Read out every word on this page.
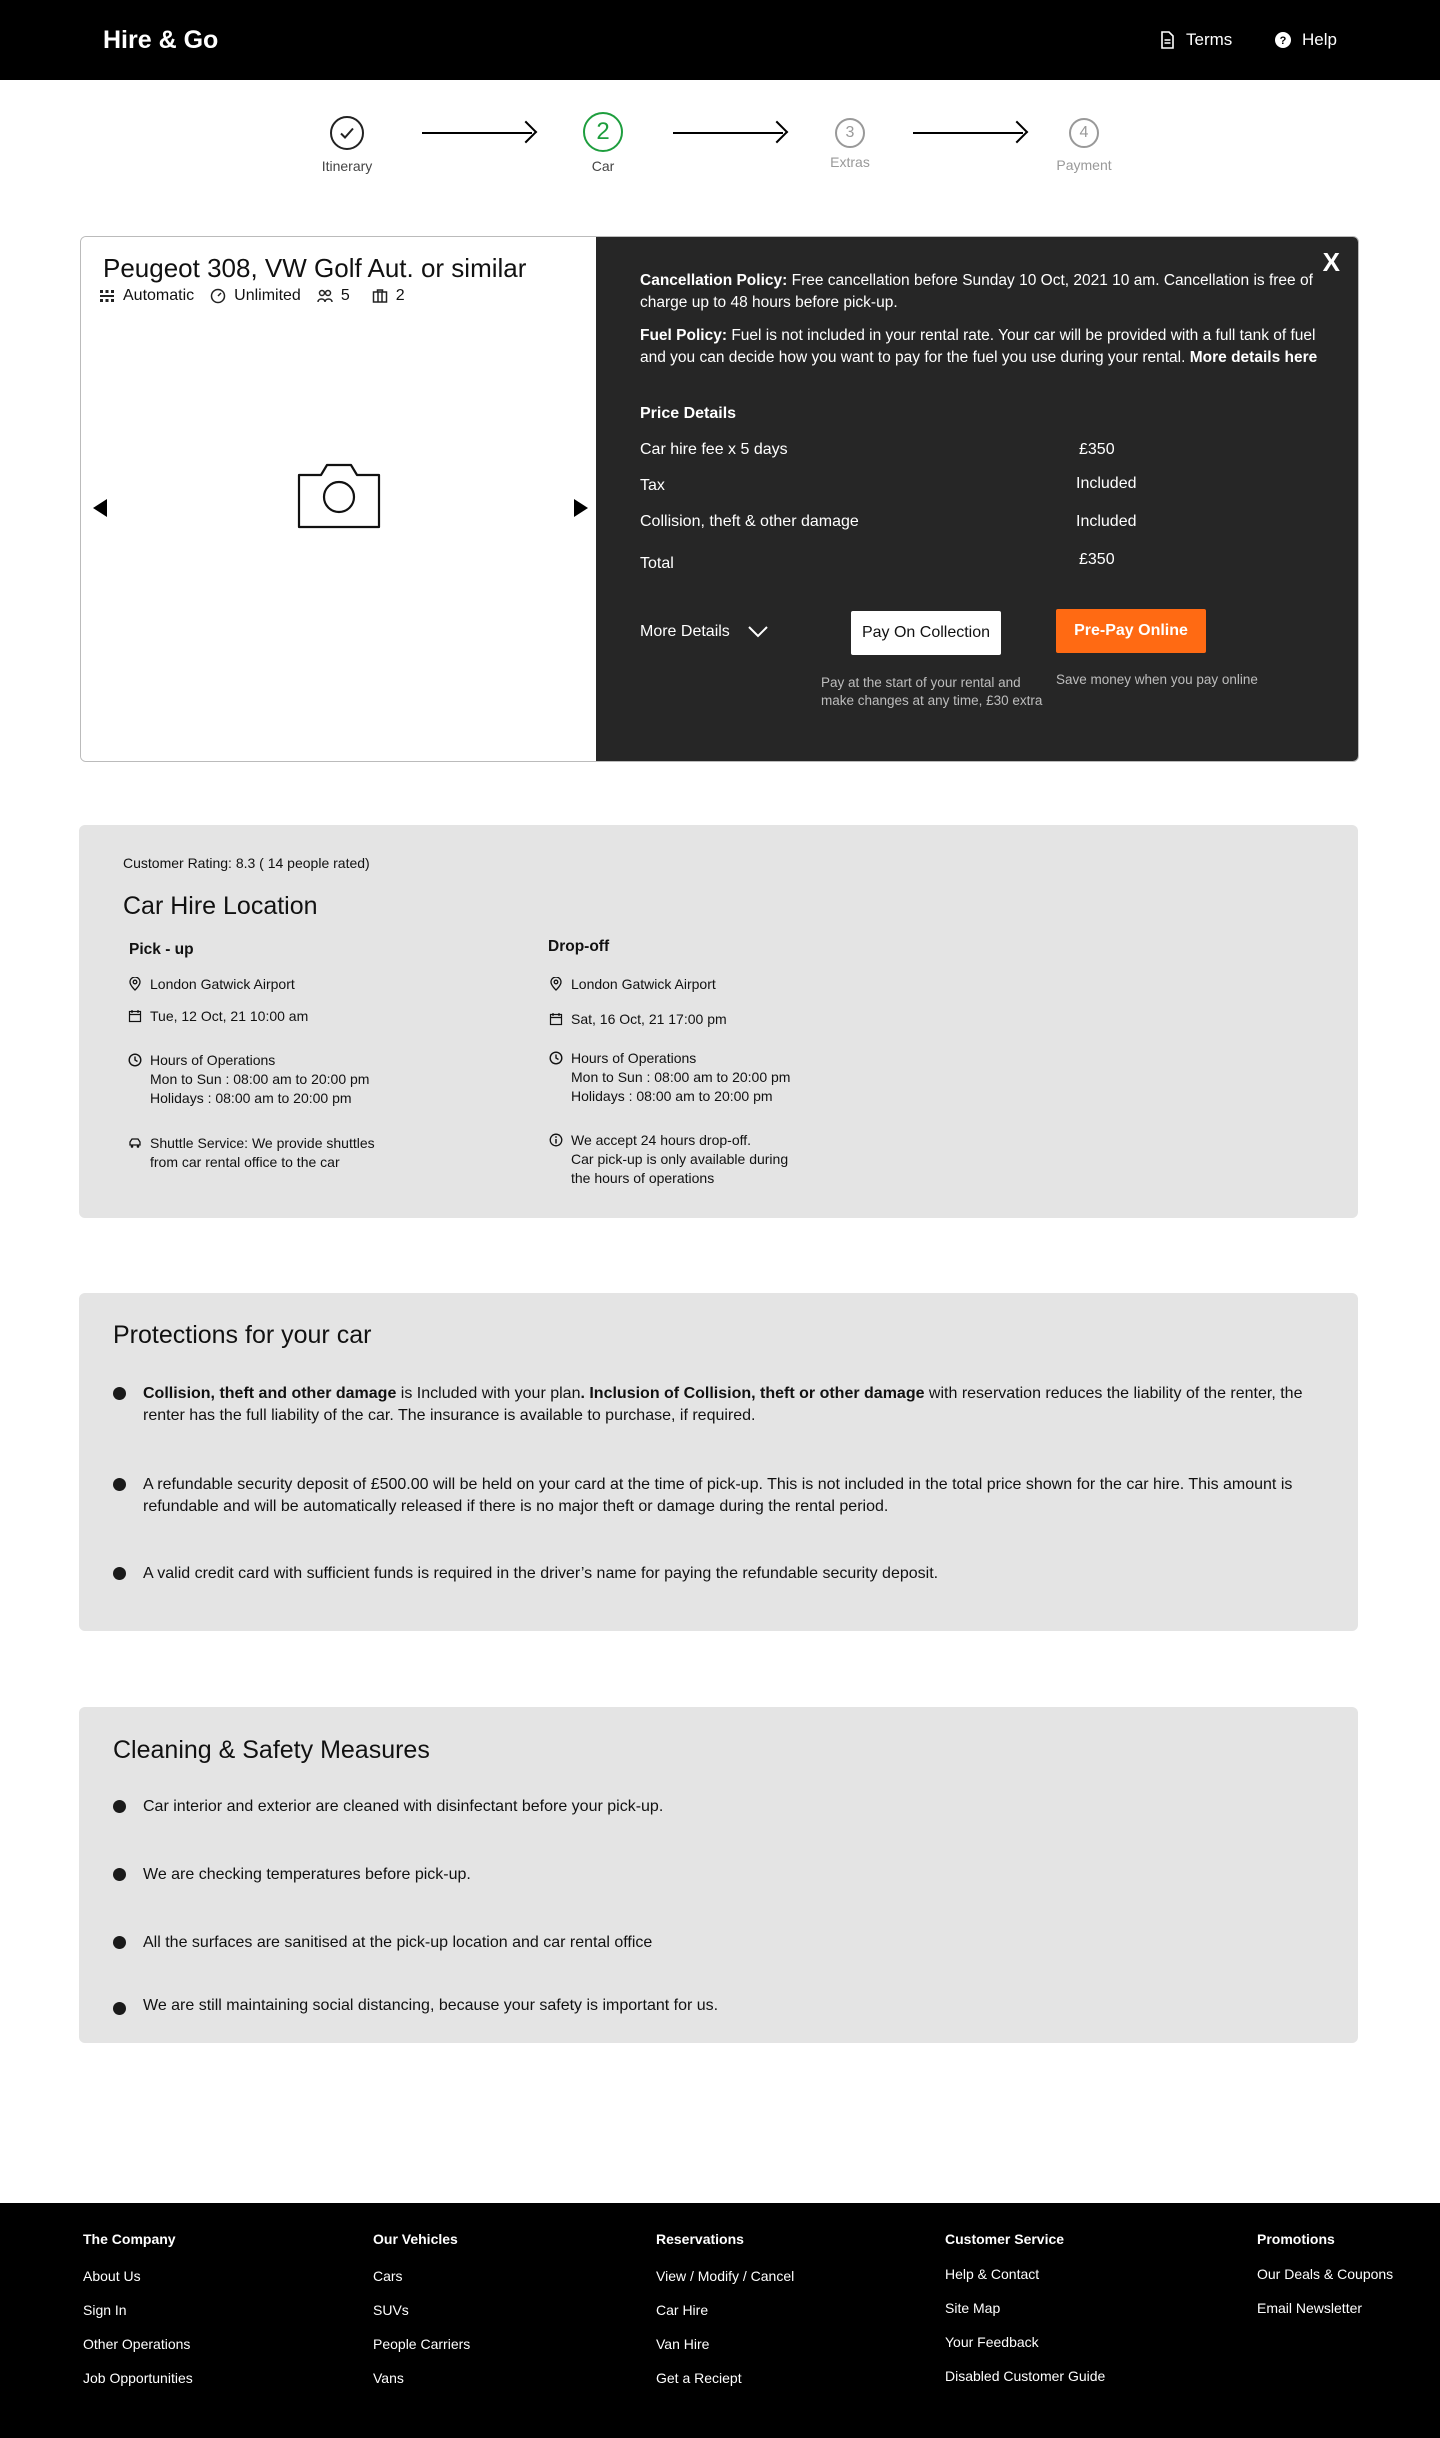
Hire & Go	Terms	? Help
Itinerary
2
Car
3
Extras
4
Payment
Peugeot 308, VW Golf Aut. or similar
Automatic	Unlimited	5	2
X
Cancellation Policy: Free cancellation before Sunday 10 Oct, 2021 10 am. Cancellation is free of charge up to 48 hours before pick-up.
Fuel Policy: Fuel is not included in your rental rate. Your car will be provided with a full tank of fuel and you can decide how you want to pay for the fuel you use during your rental. More details here
Price Details
Car hire fee x 5 days	£350
Tax	Included
Collision, theft & other damage	Included
Total	£350
More Details	Pay On Collection
Pay at the start of your rental and make changes at any time, £30 extra
Pre-Pay Online
Save money when you pay online
Customer Rating: 8.3 ( 14 people rated)
Car Hire Location
Pick - up
London Gatwick Airport
Tue, 12 Oct, 21 10:00 am
Hours of Operations
Mon to Sun : 08:00 am to 20:00 pm
Holidays : 08:00 am to 20:00 pm
Shuttle Service: We provide shuttles
from car rental office to the car
Drop-off
London Gatwick Airport
Sat, 16 Oct, 21 17:00 pm
Hours of Operations
Mon to Sun : 08:00 am to 20:00 pm
Holidays : 08:00 am to 20:00 pm
We accept 24 hours drop-off.
Car pick-up is only available during
the hours of operations
Protections for your car
Collision, theft and other damage is Included with your plan. Inclusion of Collision, theft or other damage with reservation reduces the liability of the renter, the renter has the full liability of the car. The insurance is available to purchase, if required.
A refundable security deposit of £500.00 will be held on your card at the time of pick-up. This is not included in the total price shown for the car hire. This amount is refundable and will be automatically released if there is no major theft or damage during the rental period.
A valid credit card with sufficient funds is required in the driver’s name for paying the refundable security deposit.
Cleaning & Safety Measures
Car interior and exterior are cleaned with disinfectant before your pick-up.
We are checking temperatures before pick-up.
All the surfaces are sanitised at the pick-up location and car rental office
We are still maintaining social distancing, because your safety is important for us.
The Company
About Us
Sign In
Other Operations
Job Opportunities
Our Vehicles
Cars
SUVs
People Carriers
Vans
Reservations
View / Modify / Cancel
Car Hire
Van Hire
Get a Reciept
Customer Service
Help & Contact
Site Map
Your Feedback
Disabled Customer Guide
Promotions
Our Deals & Coupons
Email Newsletter
